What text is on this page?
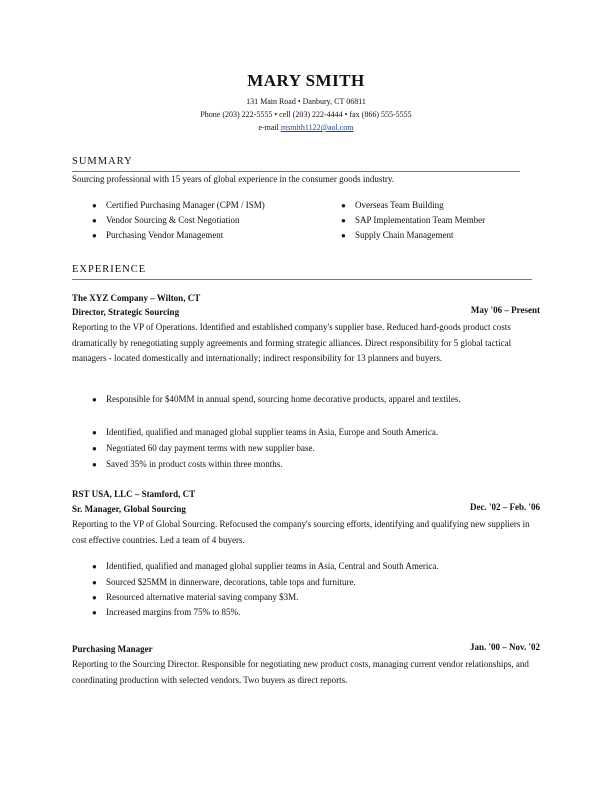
MARY SMITH
131 Main Road • Danbury, CT 06811
Phone (203) 222-5555 • cell (203) 222-4444 • fax (866) 555-5555
e-mail msmith1122@aol.com
SUMMARY
Sourcing professional with 15 years of global experience in the consumer goods industry.
● Certified Purchasing Manager (CPM / ISM)
● Vendor Sourcing & Cost Negotiation
● Purchasing Vendor Management
● Overseas Team Building
● SAP Implementation Team Member
● Supply Chain Management
EXPERIENCE
The XYZ Company – Wilton, CT
Director, Strategic Sourcing	May '06 – Present
Reporting to the VP of Operations. Identified and established company's supplier base. Reduced hard-goods product costs dramatically by renegotiating supply agreements and forming strategic alliances. Direct responsibility for 5 global tactical managers - located domestically and internationally; indirect responsibility for 13 planners and buyers.
●	Responsible for $40MM in annual spend, sourcing home decorative products, apparel and textiles.
●	Identified, qualified and managed global supplier teams in Asia, Europe and South America.
●	Negotiated 60 day payment terms with new supplier base.
●	Saved 35% in product costs within three months.
RST USA, LLC – Stamford, CT
Sr. Manager, Global Sourcing	Dec. '02 – Feb. '06
Reporting to the VP of Global Sourcing. Refocused the company's sourcing efforts, identifying and qualifying new suppliers in cost effective countries. Led a team of 4 buyers.
●	Identified, qualified and managed global supplier teams in Asia, Central and South America.
●	Sourced $25MM in dinnerware, decorations, table tops and furniture.
●	Resourced alternative material saving company $3M.
●	Increased margins from 75% to 85%.
Purchasing Manager	Jan. '00 – Nov. '02
Reporting to the Sourcing Director. Responsible for negotiating new product costs, managing current vendor relationships, and coordinating production with selected vendors. Two buyers as direct reports.
